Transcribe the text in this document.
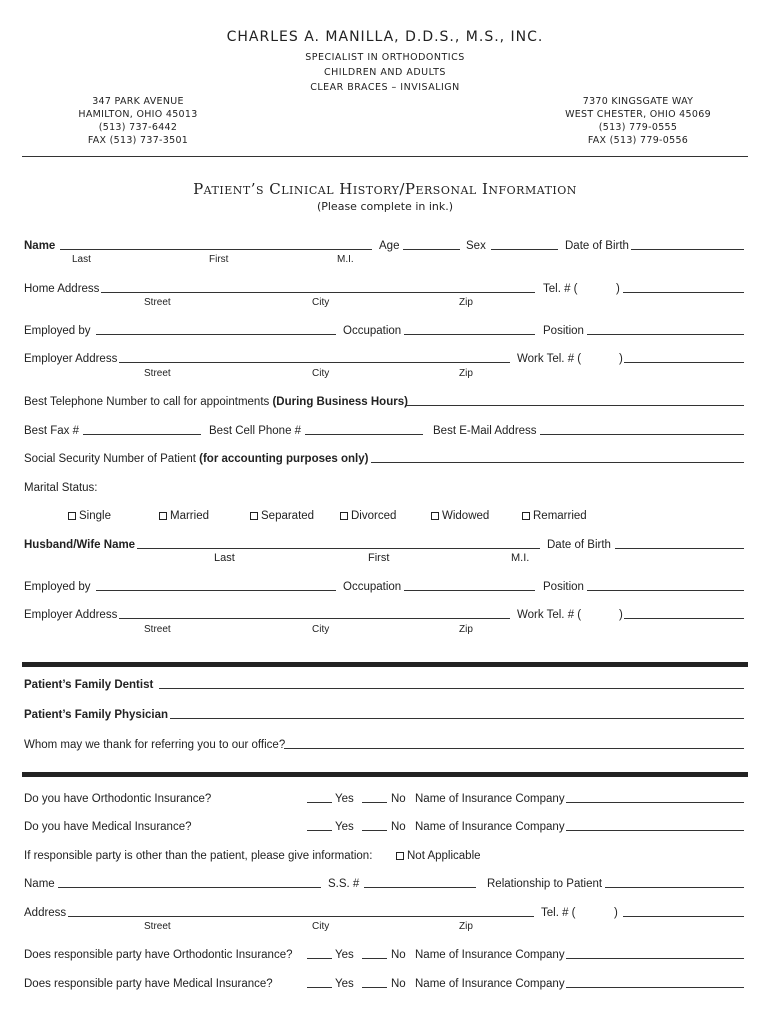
CHARLES A. MANILLA, D.D.S., M.S., INC.
SPECIALIST IN ORTHODONTICS
CHILDREN AND ADULTS
CLEAR BRACES – INVISALIGN
347 PARK AVENUE
HAMILTON, OHIO 45013
(513) 737-6442
FAX (513) 737-3501
7370 KINGSGATE WAY
WEST CHESTER, OHIO 45069
(513) 779-0555
FAX (513) 779-0556
Patient’s Clinical History/Personal Information
(Please complete in ink.)
Name	Age	Sex	Date of Birth
Last	First	M.I.
Home Address	Tel. # (	)
Street	City	Zip
Employed by	Occupation	Position
Employer Address	Work Tel. # (	)
Street	City	Zip
Best Telephone Number to call for appointments (During Business Hours)
Best Fax #	Best Cell Phone #	Best E-Mail Address
Social Security Number of Patient (for accounting purposes only)
Marital Status:
Single	Married	Separated	Divorced	Widowed	Remarried
Husband/Wife Name	Date of Birth
Last	First	M.I.
Employed by	Occupation	Position
Employer Address	Work Tel. # (	)
Street	City	Zip
Patient’s Family Dentist
Patient’s Family Physician
Whom may we thank for referring you to our office?
Do you have Orthodontic Insurance?	Yes	No Name of Insurance Company
Do you have Medical Insurance?	Yes	No Name of Insurance Company
If responsible party is other than the patient, please give information:	Not Applicable
Name	S.S. #	Relationship to Patient
Address	Tel. # (	)
Street	City	Zip
Does responsible party have Orthodontic Insurance?	Yes	No Name of Insurance Company
Does responsible party have Medical Insurance?	Yes	No Name of Insurance Company
